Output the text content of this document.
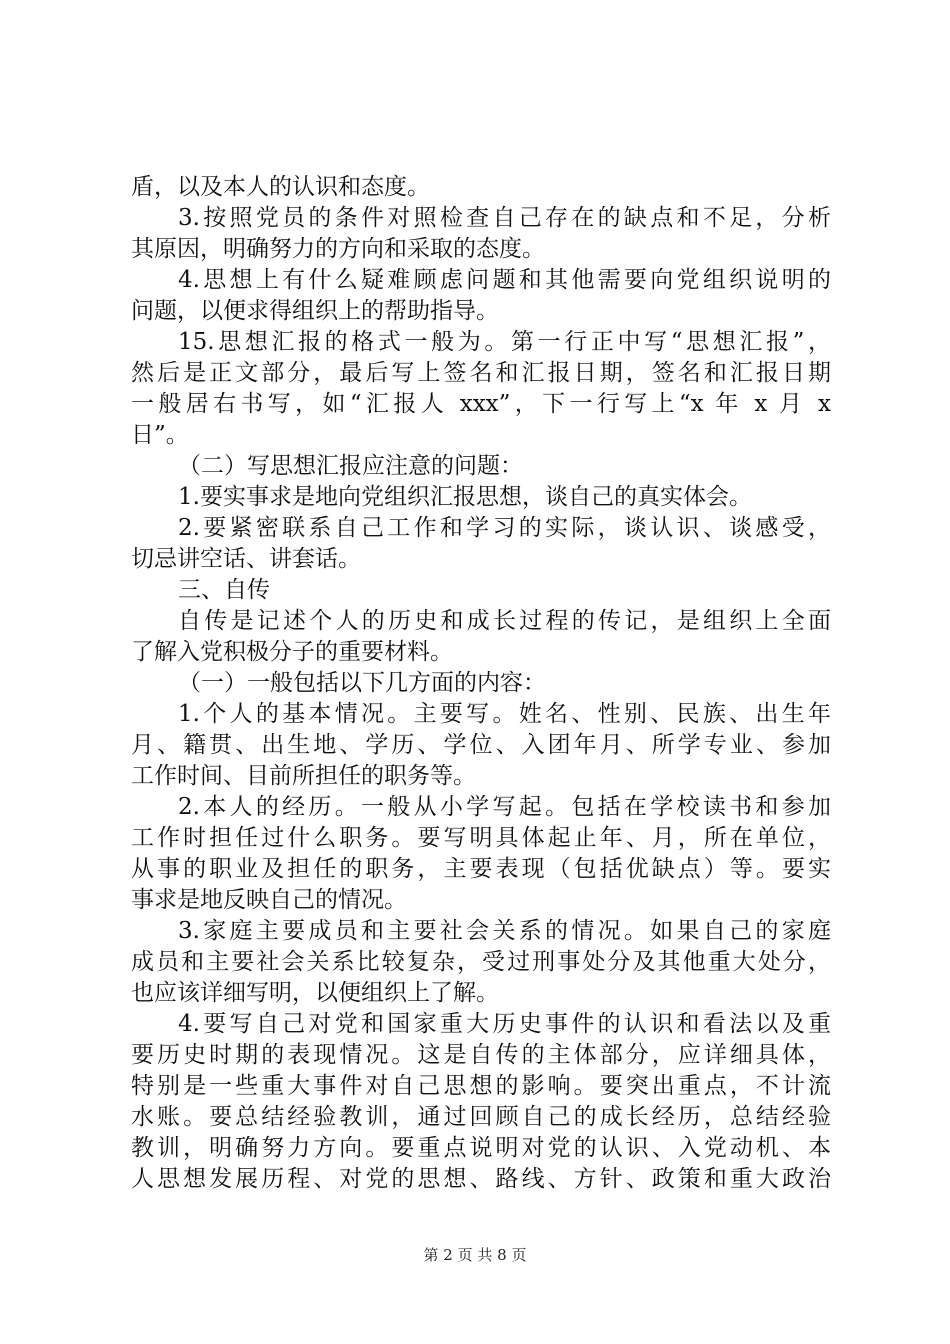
盾，以及本人的认识和态度。
3.按照党员的条件对照检查自己存在的缺点和不足，分析
其原因，明确努力的方向和采取的态度。
4.思想上有什么疑难顾虑问题和其他需要向党组织说明的
问题，以便求得组织上的帮助指导。
15.思想汇报的格式一般为。第一行正中写“思想汇报”，
然后是正文部分，最后写上签名和汇报日期，签名和汇报日期
一般居右书写，如“汇报人 xxx”，下一行写上“x 年 x 月 x
日”。
（二）写思想汇报应注意的问题：
1.要实事求是地向党组织汇报思想，谈自己的真实体会。
2.要紧密联系自己工作和学习的实际，谈认识、谈感受，
切忌讲空话、讲套话。
三、自传
自传是记述个人的历史和成长过程的传记，是组织上全面
了解入党积极分子的重要材料。
（一）一般包括以下几方面的内容：
1.个人的基本情况。主要写。姓名、性别、民族、出生年
月、籍贯、出生地、学历、学位、入团年月、所学专业、参加
工作时间、目前所担任的职务等。
2.本人的经历。一般从小学写起。包括在学校读书和参加
工作时担任过什么职务。要写明具体起止年、月，所在单位，
从事的职业及担任的职务，主要表现（包括优缺点）等。要实
事求是地反映自己的情况。
3.家庭主要成员和主要社会关系的情况。如果自己的家庭
成员和主要社会关系比较复杂，受过刑事处分及其他重大处分，
也应该详细写明，以便组织上了解。
4.要写自己对党和国家重大历史事件的认识和看法以及重
要历史时期的表现情况。这是自传的主体部分，应详细具体，
特别是一些重大事件对自己思想的影响。要突出重点，不计流
水账。要总结经验教训，通过回顾自己的成长经历，总结经验
教训，明确努力方向。要重点说明对党的认识、入党动机、本
人思想发展历程、对党的思想、路线、方针、政策和重大政治
第 2 页 共 8 页
